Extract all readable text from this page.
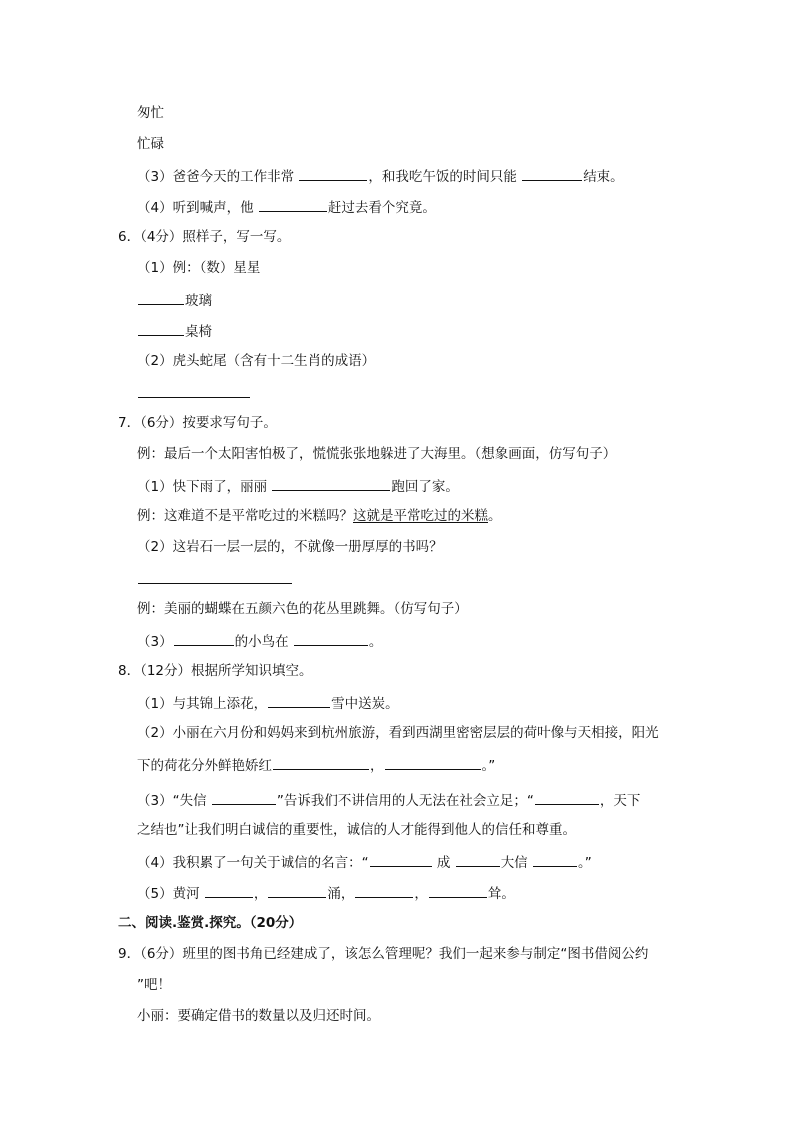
匆忙
忙碌
（3）爸爸今天的工作非常	，和我吃午饭的时间只能	结束。
（4）听到喊声，他	赶过去看个究竟。
6．（4分）照样子，写一写。
（1）例：（数）星星
玻璃
桌椅
（2）虎头蛇尾（含有十二生肖的成语）
7．（6分）按要求写句子。
例：最后一个太阳害怕极了，慌慌张张地躲进了大海里。（想象画面，仿写句子）
（1）快下雨了，丽丽	跑回了家。
例：这难道不是平常吃过的米糕吗？这就是平常吃过的米糕。
（2）这岩石一层一层的，不就像一册厚厚的书吗？
例：美丽的蝴蝶在五颜六色的花丛里跳舞。（仿写句子）
（3）	的小鸟在	。
8．（12分）根据所学知识填空。
（1）与其锦上添花，	雪中送炭。
（2）小丽在六月份和妈妈来到杭州旅游，看到西湖里密密层层的荷叶像与天相接，阳光
下的荷花分外鲜艳娇红	，	。”
（3）“失信	”告诉我们不讲信用的人无法在社会立足；“	，天下
之结也”让我们明白诚信的重要性，诚信的人才能得到他人的信任和尊重。
（4）我积累了一句关于诚信的名言：“	成	大信	。”
（5）黄河	，	涌，	，	耸。
二、阅读.鉴赏.探究。（20分）
9．（6分）班里的图书角已经建成了，该怎么管理呢？我们一起来参与制定“图书借阅公约
”吧！
小丽：要确定借书的数量以及归还时间。
